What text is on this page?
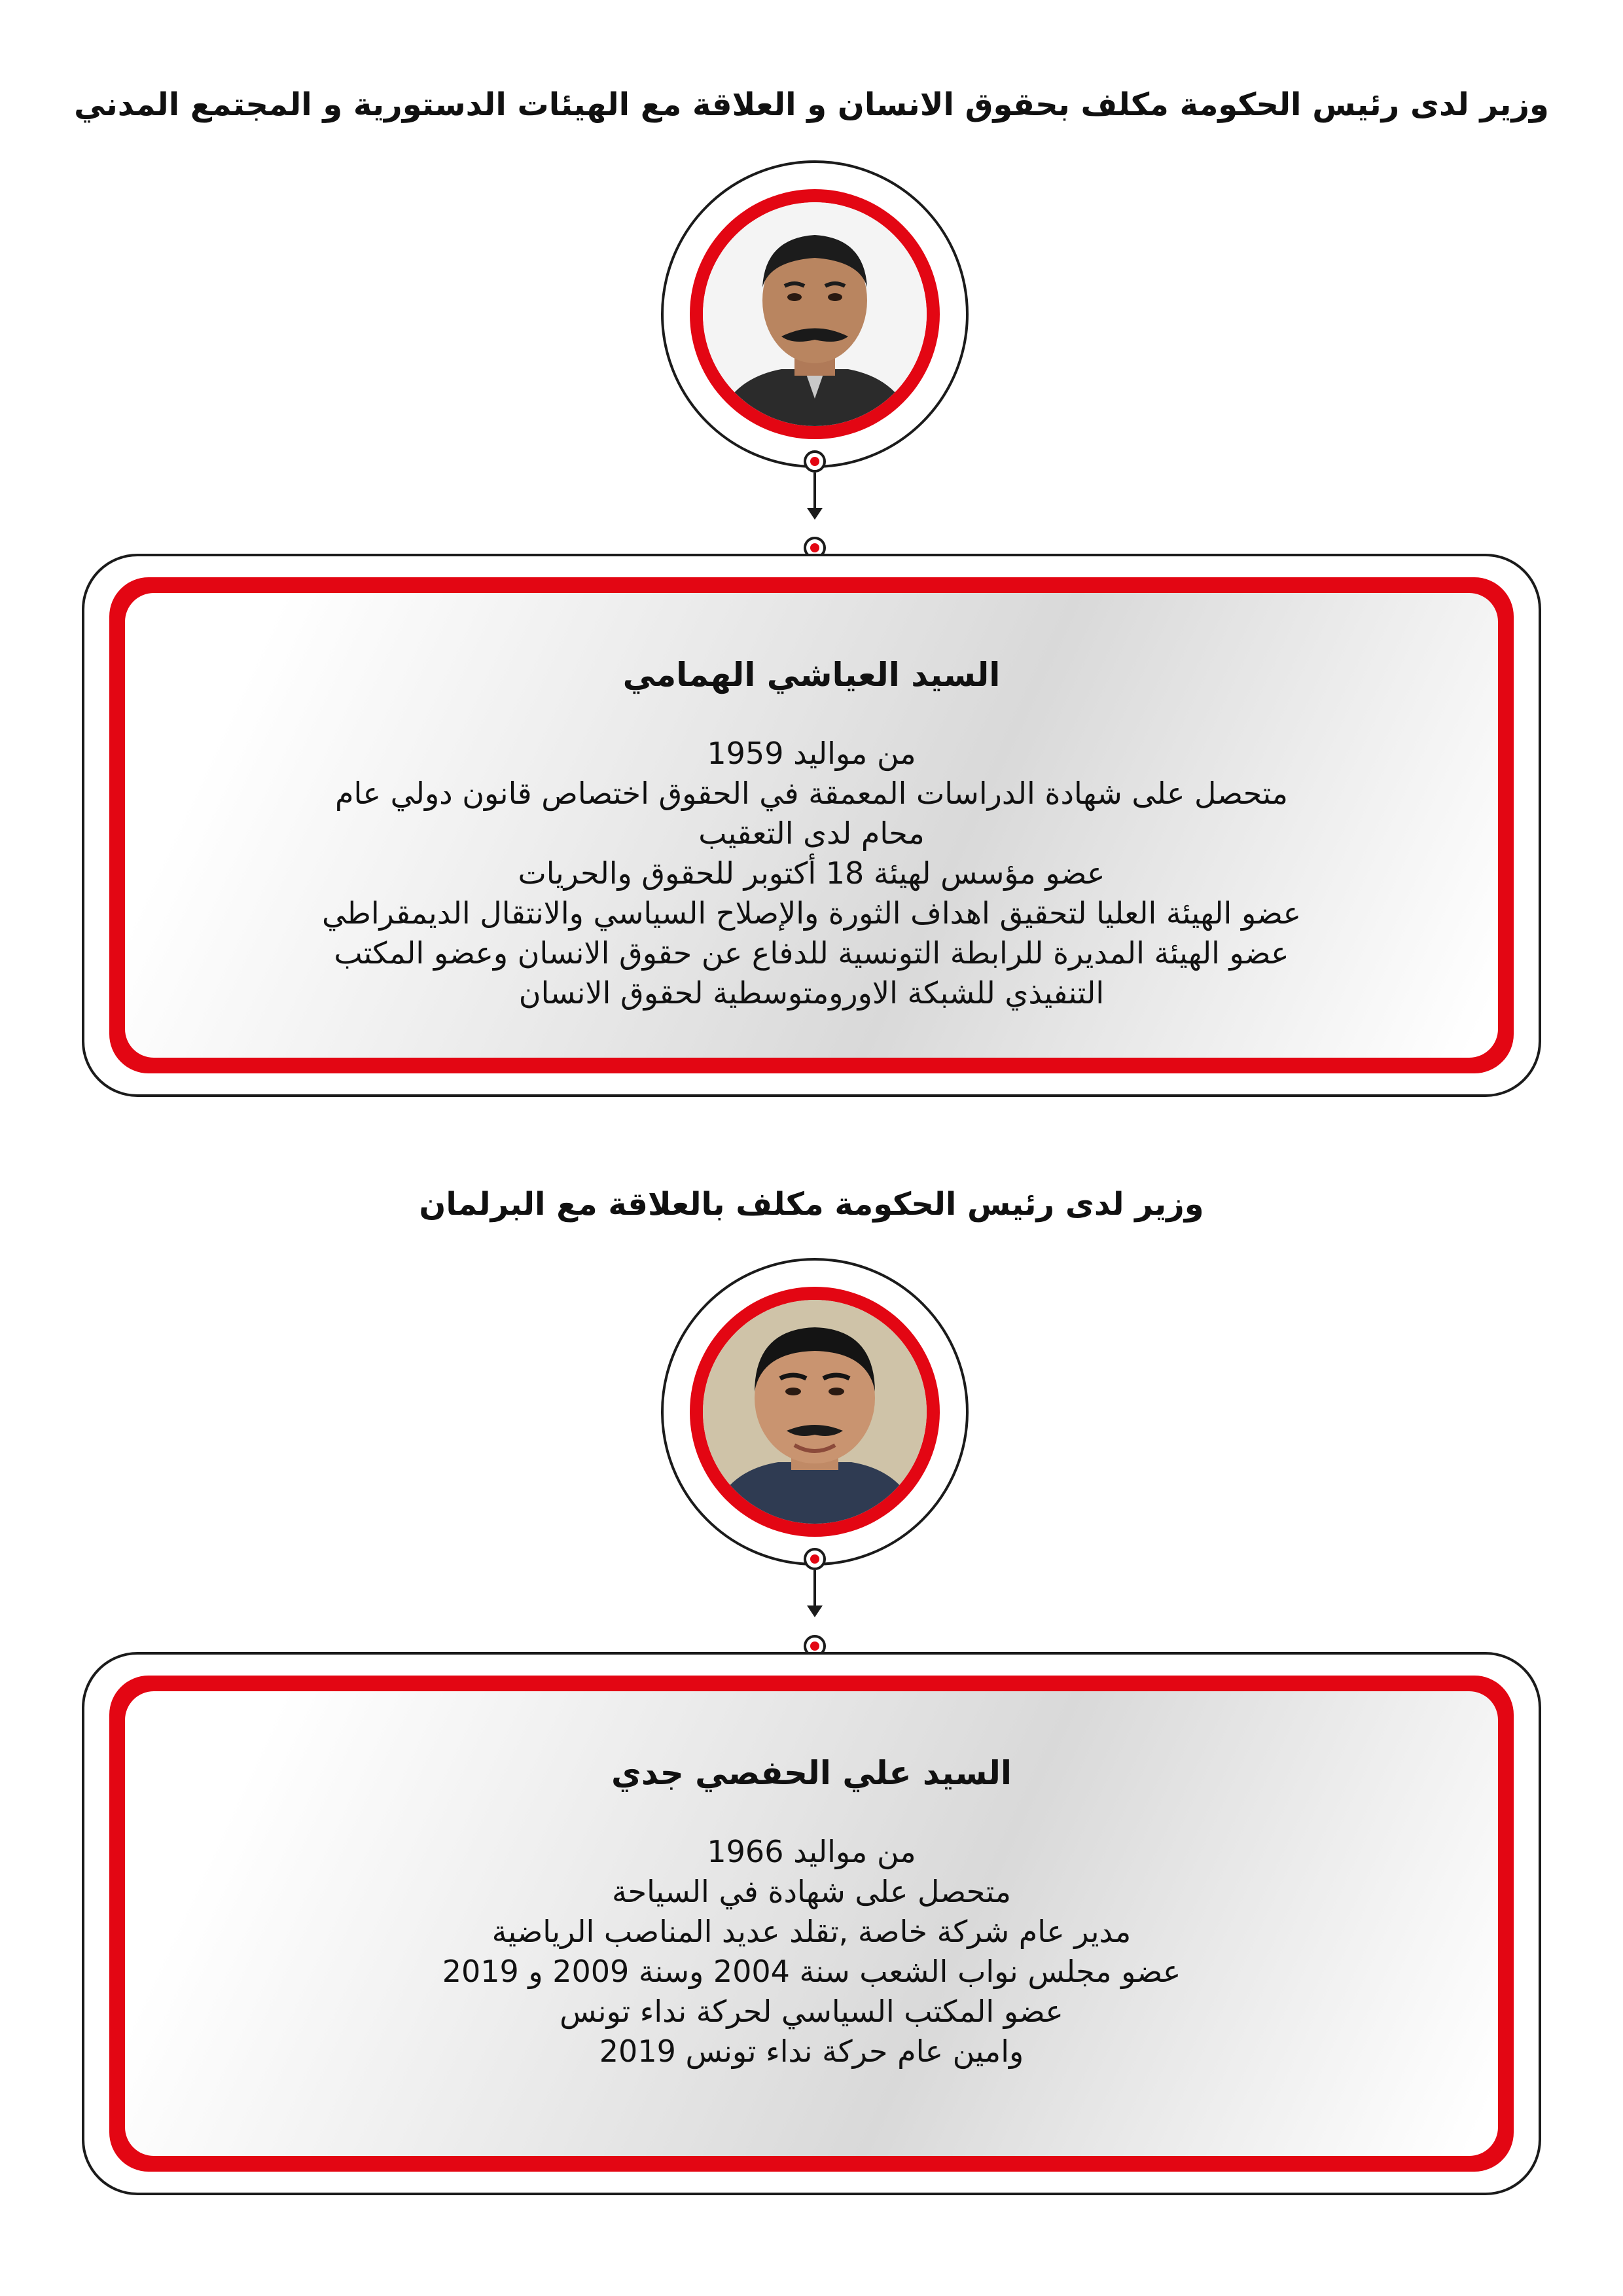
وزير لدى رئيس الحكومة مكلف بحقوق الانسان و العلاقة مع الهيئات الدستورية و المجتمع المدني
السيد العياشي الهمامي
من مواليد 1959
متحصل على شهادة الدراسات المعمقة في الحقوق اختصاص قانون دولي عام
محام لدى التعقيب
عضو مؤسس لهيئة 18 أكتوبر للحقوق والحريات
عضو الهيئة العليا لتحقيق اهداف الثورة والإصلاح السياسي والانتقال الديمقراطي
عضو الهيئة المديرة للرابطة التونسية للدفاع عن حقوق الانسان وعضو المكتب
التنفيذي للشبكة الاورومتوسطية لحقوق الانسان
وزير لدى رئيس الحكومة مكلف بالعلاقة مع البرلمان
السيد علي الحفصي جدي
من مواليد 1966
متحصل على شهادة في السياحة
مدير عام شركة خاصة ,تقلد عديد المناصب الرياضية
عضو مجلس نواب الشعب سنة 2004 وسنة 2009 و 2019
عضو المكتب السياسي لحركة نداء تونس
وامين عام حركة نداء تونس 2019
